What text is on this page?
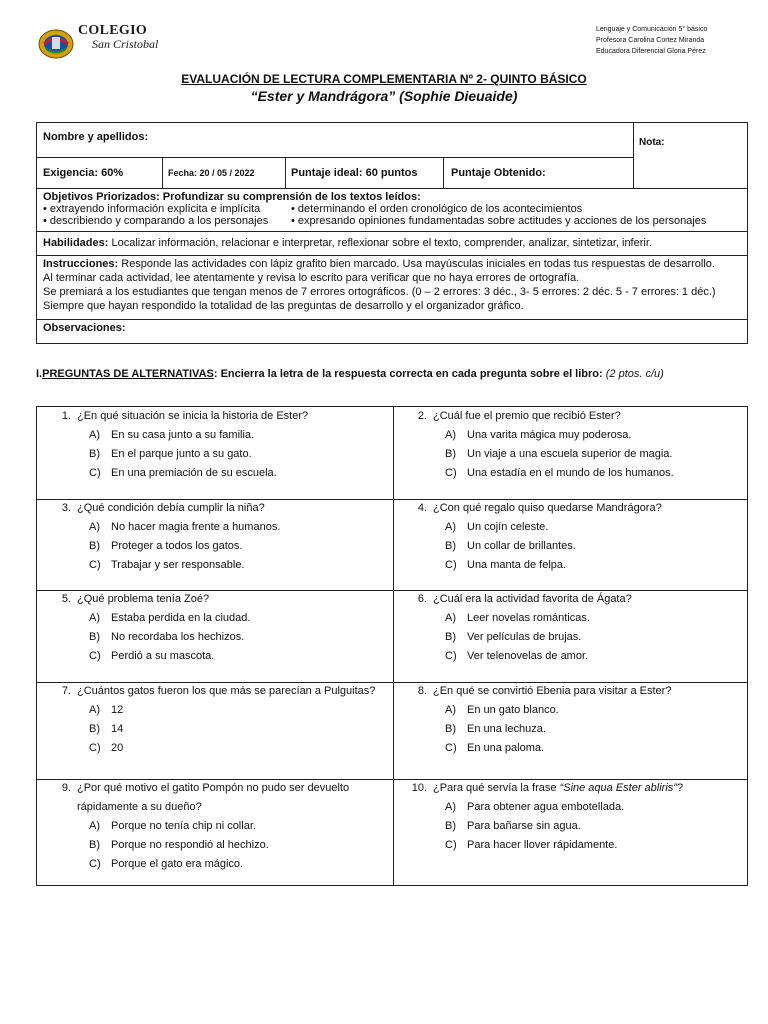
COLEGIO
San Cristobal
Lenguaje y Comunicación 5° básico
Profesora Carolina Cortez Miranda
Educadora Diferencial Gloria Pérez
EVALUACIÓN DE LECTURA COMPLEMENTARIA Nº 2- QUINTO BÁSICO
“Ester y Mandrágora” (Sophie Dieuaide)
Nombre y apellidos:	Nota:
Exigencia: 60%	Fecha: 20 / 05 / 2022	Puntaje ideal: 60 puntos	Puntaje Obtenido:
Objetivos Priorizados: Profundizar su comprensión de los textos leídos:
• extrayendo información explícita e implícita	• determinando el orden cronológico de los acontecimientos
• describiendo y comparando a los personajes	• expresando opiniones fundamentadas sobre actitudes y acciones de los personajes
Habilidades: Localizar información, relacionar e interpretar, reflexionar sobre el texto, comprender, analizar, sintetizar, inferir.
Instrucciones: Responde las actividades con lápiz grafito bien marcado. Usa mayúsculas iniciales en todas tus respuestas de desarrollo.
Al terminar cada actividad, lee atentamente y revisa lo escrito para verificar que no haya errores de ortografía.
Se premiará a los estudiantes que tengan menos de 7 errores ortográficos. (0 – 2 errores: 3 déc., 3- 5 errores: 2 déc. 5 - 7 errores: 1 déc.)
Siempre que hayan respondido la totalidad de las preguntas de desarrollo y el organizador gráfico.
Observaciones:
I.PREGUNTAS DE ALTERNATIVAS: Encierra la letra de la respuesta correcta en cada pregunta sobre el libro: (2 ptos. c/u)
1. ¿En qué situación se inicia la historia de Ester?
A)	En su casa junto a su familia.
B)	En el parque junto a su gato.
C) En una premiación de su escuela.
2. ¿Cuál fue el premio que recibió Ester?
A)	Una varita mágica muy poderosa.
B)	Un viaje a una escuela superior de magia.
C) Una estadía en el mundo de los humanos.
3. ¿Qué condición debía cumplir la niña?
A)	No hacer magia frente a humanos.
B)	Proteger a todos los gatos.
C) Trabajar y ser responsable.
4. ¿Con qué regalo quiso quedarse Mandrágora?
A)	Un cojín celeste.
B)	Un collar de brillantes.
C) Una manta de felpa.
5. ¿Qué problema tenía Zoé?
A)	Estaba perdida en la ciudad.
B)	No recordaba los hechizos.
C) Perdió a su mascota.
6. ¿Cuál era la actividad favorita de Ágata?
A)	Leer novelas románticas.
B)	Ver películas de brujas.
C) Ver telenovelas de amor.
7. ¿Cuántos gatos fueron los que más se parecían a Pulguitas?
A)	12
B)	14
C) 20
8. ¿En qué se convirtió Ebenia para visitar a Ester?
A)	En un gato blanco.
B)	En una lechuza.
C) En una paloma.
9. ¿Por qué motivo el gatito Pompón no pudo ser devuelto rápidamente a su dueño?
A)	Porque no tenía chip ni collar.
B)	Porque no respondió al hechizo.
C) Porque el gato era mágico.
10. ¿Para qué servía la frase “Sine aqua Ester abliris”?
A)	Para obtener agua embotellada.
B)	Para bañarse sin agua.
C) Para hacer llover rápidamente.
